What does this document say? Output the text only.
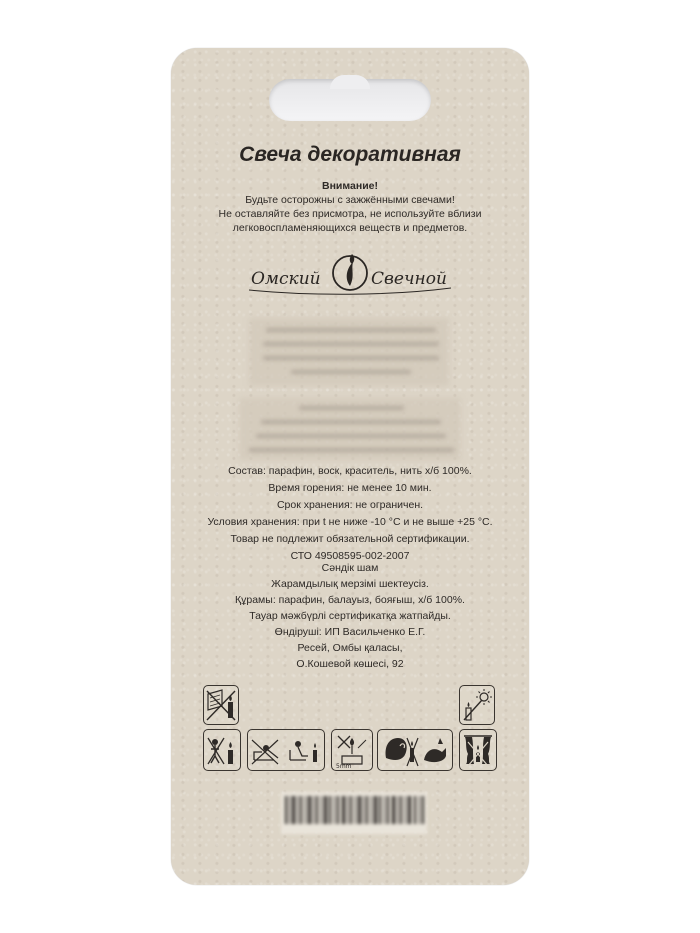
Свеча декоративная
Внимание!
Будьте осторожны с зажжёнными свечами!
Не оставляйте без присмотра, не используйте вблизи
легковоспламеняющихся веществ и предметов.
Омский	Свечной
Состав: парафин, воск, краситель, нить х/б 100%.
Время горения: не менее 10 мин.
Срок хранения: не ограничен.
Условия хранения: при t не ниже -10 °С и не выше +25 °С.
Товар не подлежит обязательной сертификации.
СТО 49508595-002-2007
Сәндік шам
Жарамдылық мерзімі шектеусіз.
Құрамы: парафин, балауыз, бояғыш, х/б 100%.
Тауар мәжбүрлі сертификатқа жатпайды.
Өндіруші: ИП Васильченко Е.Г.
Ресей, Омбы қаласы,
О.Кошевой көшесі, 92
5mm
